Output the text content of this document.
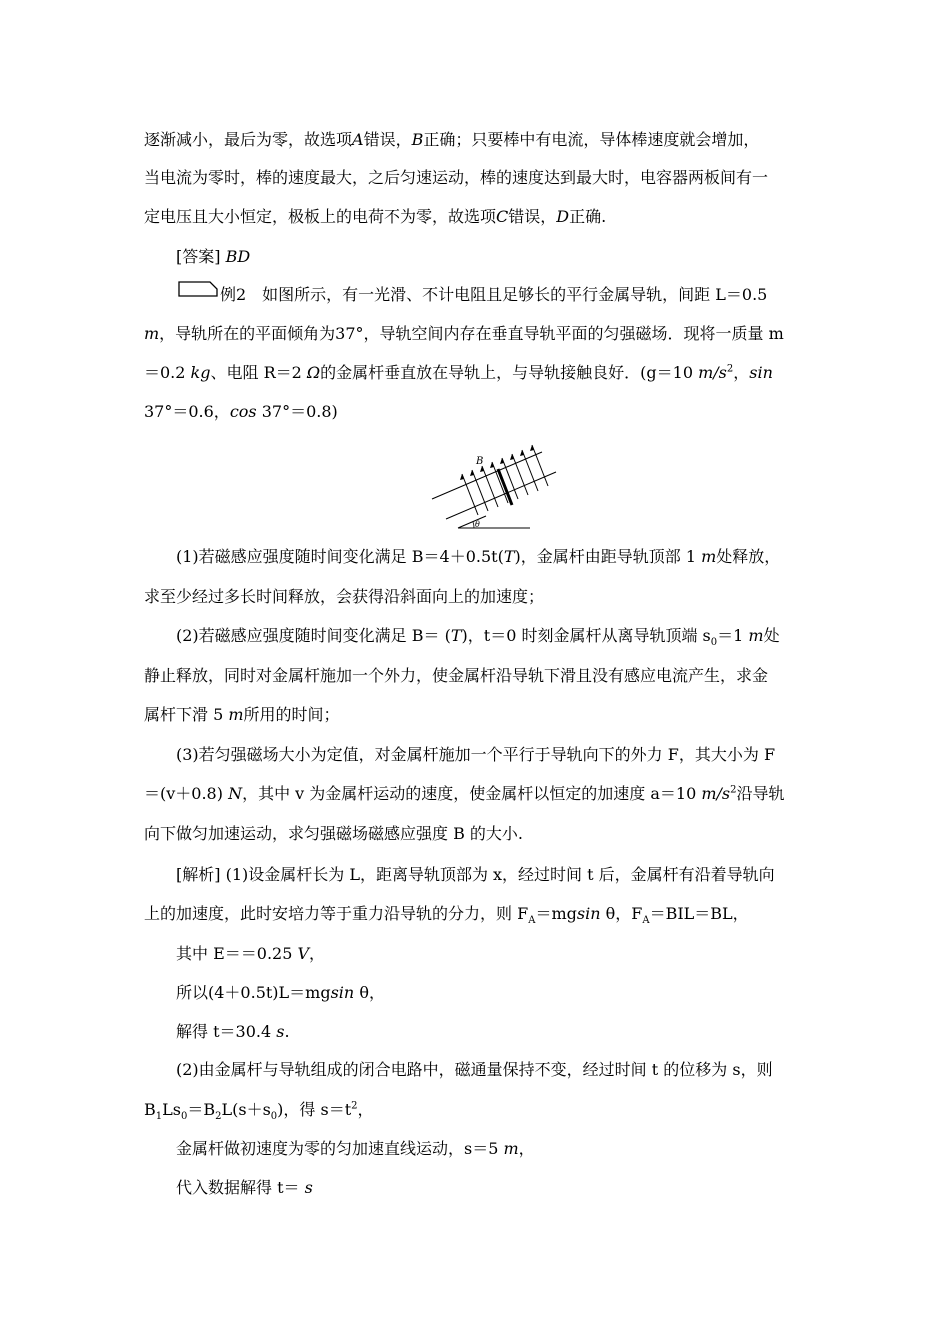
逐渐减小，最后为零，故选项A错误，B正确；只要棒中有电流，导体棒速度就会增加，
当电流为零时，棒的速度最大，之后匀速运动，棒的速度达到最大时，电容器两板间有一
定电压且大小恒定，极板上的电荷不为零，故选项C错误，D正确.
[答案] BD
例2　如图所示，有一光滑、不计电阻且足够长的平行金属导轨，间距 L＝0.5
m，导轨所在的平面倾角为37°，导轨空间内存在垂直导轨平面的匀强磁场．现将一质量 m
＝0.2 kg、电阻 R＝2 Ω的金属杆垂直放在导轨上，与导轨接触良好．(g＝10 $m/s^2$，sin
37°＝0.6，cos 37°＝0.8)
B
θ
(1)若磁感应强度随时间变化满足 B＝4＋0.5t(T)，金属杆由距导轨顶部 1 m处释放，
求至少经过多长时间释放，会获得沿斜面向上的加速度；
(2)若磁感应强度随时间变化满足 B＝ (T)，t＝0 时刻金属杆从离导轨顶端 $s_0=1$ m处
静止释放，同时对金属杆施加一个外力，使金属杆沿导轨下滑且没有感应电流产生，求金
属杆下滑 5 m所用的时间；
(3)若匀强磁场大小为定值，对金属杆施加一个平行于导轨向下的外力 F，其大小为 F
＝(v＋0.8) N，其中 v 为金属杆运动的速度，使金属杆以恒定的加速度 a＝10 $m/s^2$沿导轨
向下做匀加速运动，求匀强磁场磁感应强度 B 的大小.
[解析] (1)设金属杆长为 L，距离导轨顶部为 x，经过时间 t 后，金属杆有沿着导轨向
上的加速度，此时安培力等于重力沿导轨的分力，则 $F_A=mgsin$ θ，$F_A=BIL=BL$，
其中 E＝＝0.25 V，
所以(4＋0.5t)L＝mgsin θ，
解得 t＝30.4 s.
(2)由金属杆与导轨组成的闭合电路中，磁通量保持不变，经过时间 t 的位移为 s，则
$B_1Ls_0=B_2L(s+s_0)$，得 $s=t^2$，
金属杆做初速度为零的匀加速直线运动，s＝5 m，
代入数据解得 t＝ s
